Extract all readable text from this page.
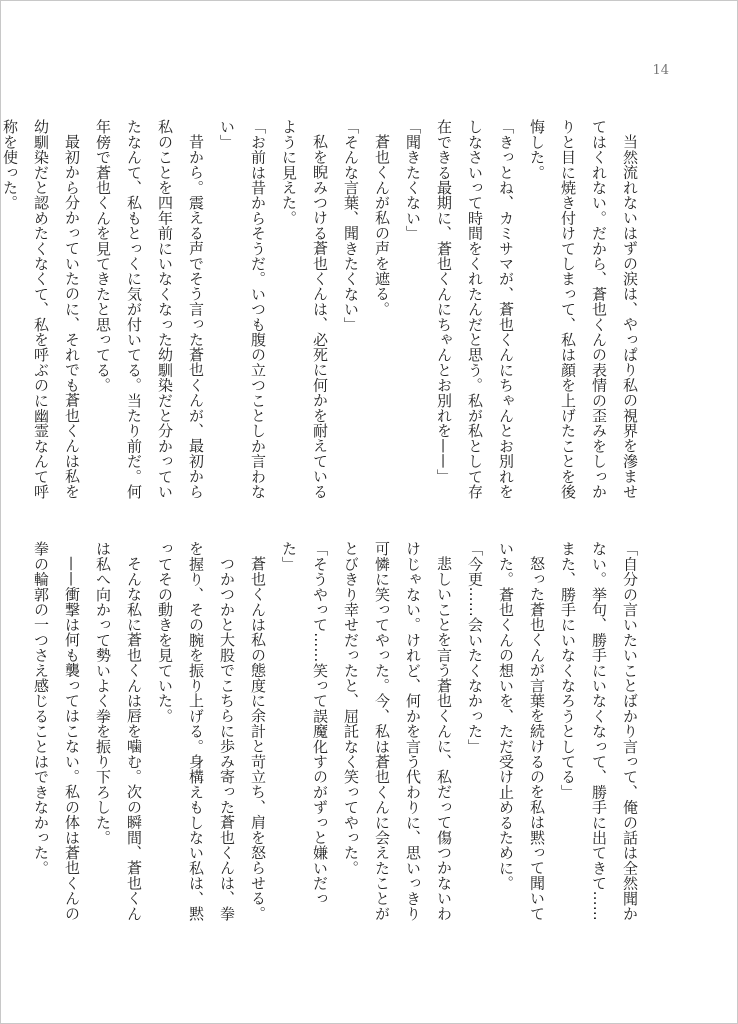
14

当然流れないはずの涙は、やっぱり私の視界を滲ませてはくれない。だから、蒼也くんの表情の歪みをしっかりと目に焼き付けてしまって、私は顔を上げたことを後悔した。

「きっとね、カミサマが、蒼也くんにちゃんとお別れをしなさいって時間をくれたんだと思う。私が私として存在できる最期に、蒼也くんにちゃんとお別れを——」

「聞きたくない」

蒼也くんが私の声を遮る。

「そんな言葉、聞きたくない」

私を睨みつける蒼也くんは、必死に何かを耐えているように見えた。

「お前は昔からそうだ。いつも腹の立つことしか言わない」

昔から。震える声でそう言った蒼也くんが、最初から私のことを四年前にいなくなった幼馴染だと分かっていたなんて、私もとっくに気が付いてる。当たり前だ。何年傍で蒼也くんを見てきたと思ってる。

最初から分かっていたのに、それでも蒼也くんは私を幼馴染だと認めたくなくて、私を呼ぶのに幽霊なんて呼称を使った。

「自分の言いたいことばかり言って、俺の話は全然聞かない。挙句、勝手にいなくなって、勝手に出てきて……また、勝手にいなくなろうとしてる」

怒った蒼也くんが言葉を続けるのを私は黙って聞いていた。蒼也くんの想いを、ただ受け止めるために。

「今更……会いたくなかった」

悲しいことを言う蒼也くんに、私だって傷つかないわけじゃない。けれど、何かを言う代わりに、思いっきり可憐に笑ってやった。今、私は蒼也くんに会えたことがとびきり幸せだったと、屈託なく笑ってやった。

「そうやって……笑って誤魔化すのがずっと嫌いだった」

蒼也くんは私の態度に余計と苛立ち、肩を怒らせる。

つかつかと大股でこちらに歩み寄った蒼也くんは、拳を握り、その腕を振り上げる。身構えもしない私は、黙ってその動きを見ていた。

そんな私に蒼也くんは唇を噛む。次の瞬間、蒼也くんは私へ向かって勢いよく拳を振り下ろした。

——衝撃は何も襲ってはこない。私の体は蒼也くんの拳の輪郭の一つさえ感じることはできなかった。
